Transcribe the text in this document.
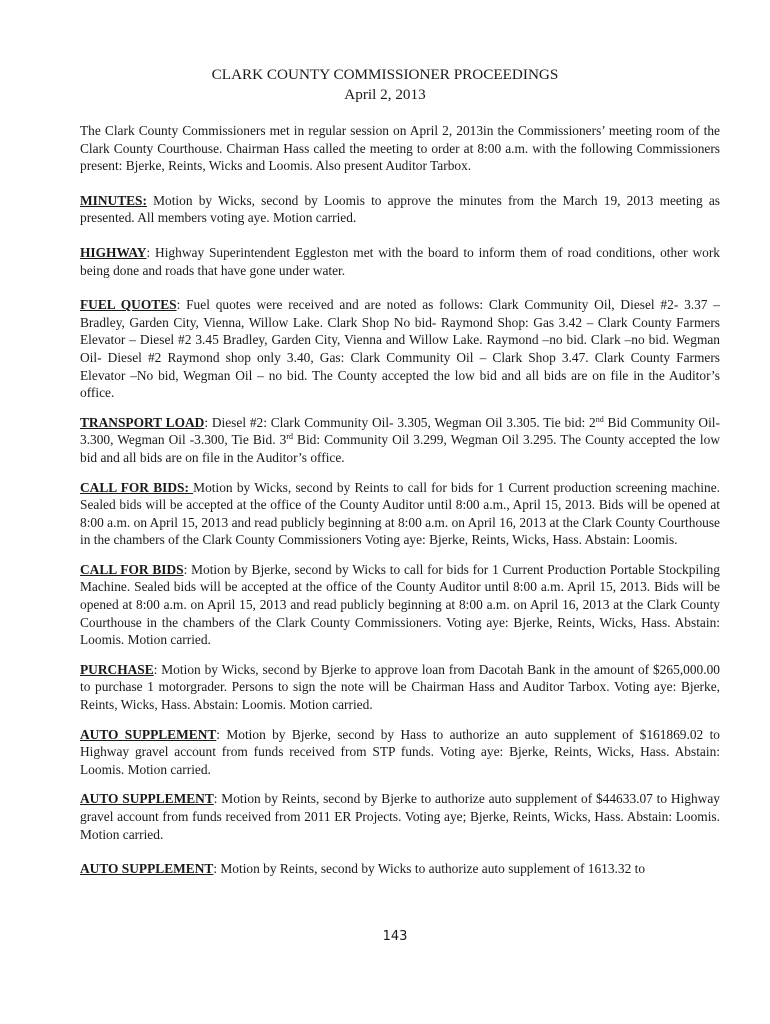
CLARK COUNTY COMMISSIONER PROCEEDINGS
April 2, 2013

The Clark County Commissioners met in regular session on April 2, 2013in the Commissioners’ meeting room of the Clark County Courthouse. Chairman Hass called the meeting to order at 8:00 a.m. with the following Commissioners present: Bjerke, Reints, Wicks and Loomis. Also present Auditor Tarbox.

MINUTES: Motion by Wicks, second by Loomis to approve the minutes from the March 19, 2013 meeting as presented. All members voting aye. Motion carried.

HIGHWAY: Highway Superintendent Eggleston met with the board to inform them of road conditions, other work being done and roads that have gone under water.

FUEL QUOTES: Fuel quotes were received and are noted as follows: Clark Community Oil, Diesel #2- 3.37 –Bradley, Garden City, Vienna, Willow Lake. Clark Shop No bid- Raymond Shop: Gas 3.42 – Clark County Farmers Elevator – Diesel #2 3.45 Bradley, Garden City, Vienna and Willow Lake. Raymond –no bid. Clark –no bid. Wegman Oil- Diesel #2 Raymond shop only 3.40, Gas: Clark Community Oil – Clark Shop 3.47. Clark County Farmers Elevator –No bid, Wegman Oil – no bid. The County accepted the low bid and all bids are on file in the Auditor’s office.

TRANSPORT LOAD: Diesel #2: Clark Community Oil- 3.305, Wegman Oil 3.305. Tie bid: 2nd Bid Community Oil- 3.300, Wegman Oil -3.300, Tie Bid. 3rd Bid: Community Oil 3.299, Wegman Oil 3.295. The County accepted the low bid and all bids are on file in the Auditor’s office.

CALL FOR BIDS: Motion by Wicks, second by Reints to call for bids for 1 Current production screening machine. Sealed bids will be accepted at the office of the County Auditor until 8:00 a.m., April 15, 2013. Bids will be opened at 8:00 a.m. on April 15, 2013 and read publicly beginning at 8:00 a.m. on April 16, 2013 at the Clark County Courthouse in the chambers of the Clark County Commissioners Voting aye: Bjerke, Reints, Wicks, Hass. Abstain: Loomis.

CALL FOR BIDS: Motion by Bjerke, second by Wicks to call for bids for 1 Current Production Portable Stockpiling Machine. Sealed bids will be accepted at the office of the County Auditor until 8:00 a.m. April 15, 2013. Bids will be opened at 8:00 a.m. on April 15, 2013 and read publicly beginning at 8:00 a.m. on April 16, 2013 at the Clark County Courthouse in the chambers of the Clark County Commissioners. Voting aye: Bjerke, Reints, Wicks, Hass. Abstain: Loomis. Motion carried.

PURCHASE: Motion by Wicks, second by Bjerke to approve loan from Dacotah Bank in the amount of $265,000.00 to purchase 1 motorgrader. Persons to sign the note will be Chairman Hass and Auditor Tarbox. Voting aye: Bjerke, Reints, Wicks, Hass. Abstain: Loomis. Motion carried.

AUTO SUPPLEMENT: Motion by Bjerke, second by Hass to authorize an auto supplement of $161869.02 to Highway gravel account from funds received from STP funds. Voting aye: Bjerke, Reints, Wicks, Hass. Abstain: Loomis. Motion carried.

AUTO SUPPLEMENT: Motion by Reints, second by Bjerke to authorize auto supplement of $44633.07 to Highway gravel account from funds received from 2011 ER Projects. Voting aye; Bjerke, Reints, Wicks, Hass. Abstain: Loomis. Motion carried.

AUTO SUPPLEMENT: Motion by Reints, second by Wicks to authorize auto supplement of 1613.32 to

143
